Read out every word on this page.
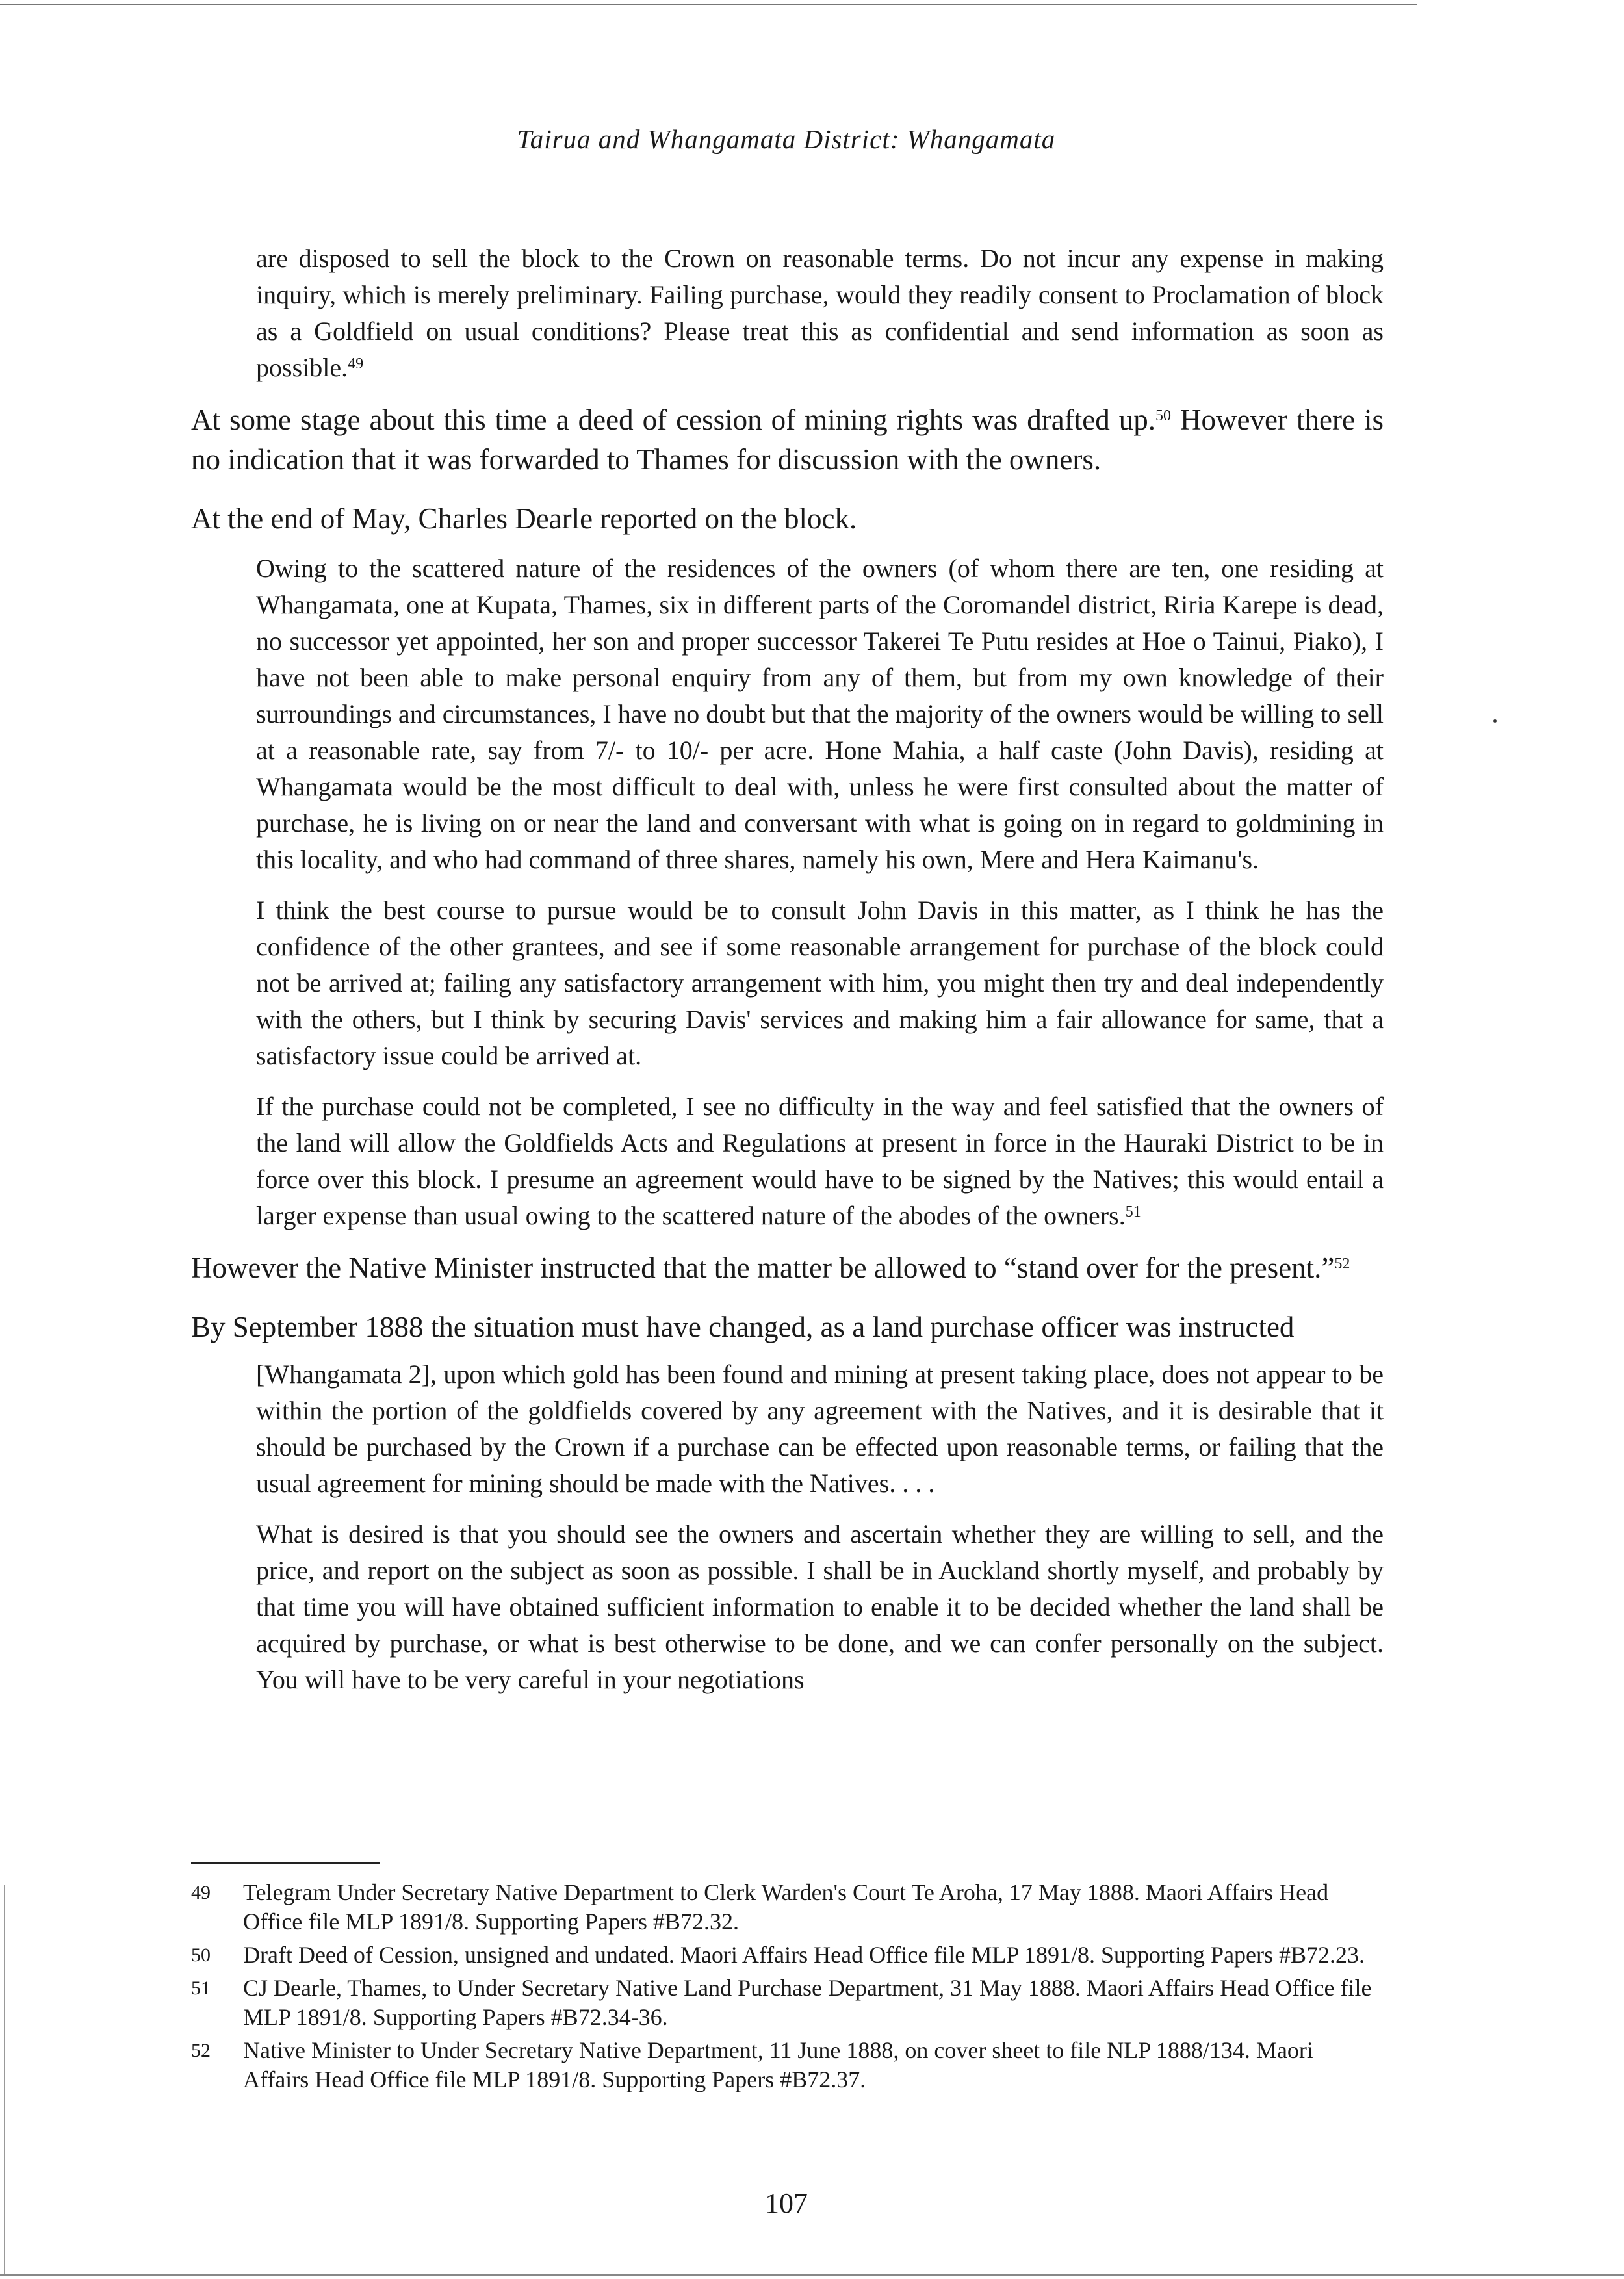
Tairua and Whangamata District: Whangamata

are disposed to sell the block to the Crown on reasonable terms. Do not incur any expense in making inquiry, which is merely preliminary. Failing purchase, would they readily consent to Proclamation of block as a Goldfield on usual conditions? Please treat this as confidential and send information as soon as possible.$^{49}$

At some stage about this time a deed of cession of mining rights was drafted up.$^{50}$ However there is no indication that it was forwarded to Thames for discussion with the owners.

At the end of May, Charles Dearle reported on the block.

Owing to the scattered nature of the residences of the owners (of whom there are ten, one residing at Whangamata, one at Kupata, Thames, six in different parts of the Coromandel district, Riria Karepe is dead, no successor yet appointed, her son and proper successor Takerei Te Putu resides at Hoe o Tainui, Piako), I have not been able to make personal enquiry from any of them, but from my own knowledge of their surroundings and circumstances, I have no doubt but that the majority of the owners would be willing to sell at a reasonable rate, say from 7/- to 10/- per acre. Hone Mahia, a half caste (John Davis), residing at Whangamata would be the most difficult to deal with, unless he were first consulted about the matter of purchase, he is living on or near the land and conversant with what is going on in regard to goldmining in this locality, and who had command of three shares, namely his own, Mere and Hera Kaimanu's.

I think the best course to pursue would be to consult John Davis in this matter, as I think he has the confidence of the other grantees, and see if some reasonable arrangement for purchase of the block could not be arrived at; failing any satisfactory arrangement with him, you might then try and deal independently with the others, but I think by securing Davis' services and making him a fair allowance for same, that a satisfactory issue could be arrived at.

If the purchase could not be completed, I see no difficulty in the way and feel satisfied that the owners of the land will allow the Goldfields Acts and Regulations at present in force in the Hauraki District to be in force over this block. I presume an agreement would have to be signed by the Natives; this would entail a larger expense than usual owing to the scattered nature of the abodes of the owners.$^{51}$

However the Native Minister instructed that the matter be allowed to “stand over for the present.”$^{52}$

By September 1888 the situation must have changed, as a land purchase officer was instructed

[Whangamata 2], upon which gold has been found and mining at present taking place, does not appear to be within the portion of the goldfields covered by any agreement with the Natives, and it is desirable that it should be purchased by the Crown if a purchase can be effected upon reasonable terms, or failing that the usual agreement for mining should be made with the Natives. . . .

What is desired is that you should see the owners and ascertain whether they are willing to sell, and the price, and report on the subject as soon as possible. I shall be in Auckland shortly myself, and probably by that time you will have obtained sufficient information to enable it to be decided whether the land shall be acquired by purchase, or what is best otherwise to be done, and we can confer personally on the subject. You will have to be very careful in your negotiations

49	Telegram Under Secretary Native Department to Clerk Warden's Court Te Aroha, 17 May 1888. Maori Affairs Head Office file MLP 1891/8. Supporting Papers #B72.32.
50	Draft Deed of Cession, unsigned and undated. Maori Affairs Head Office file MLP 1891/8. Supporting Papers #B72.23.
51	CJ Dearle, Thames, to Under Secretary Native Land Purchase Department, 31 May 1888. Maori Affairs Head Office file MLP 1891/8. Supporting Papers #B72.34-36.
52	Native Minister to Under Secretary Native Department, 11 June 1888, on cover sheet to file NLP 1888/134. Maori Affairs Head Office file MLP 1891/8. Supporting Papers #B72.37.
107
